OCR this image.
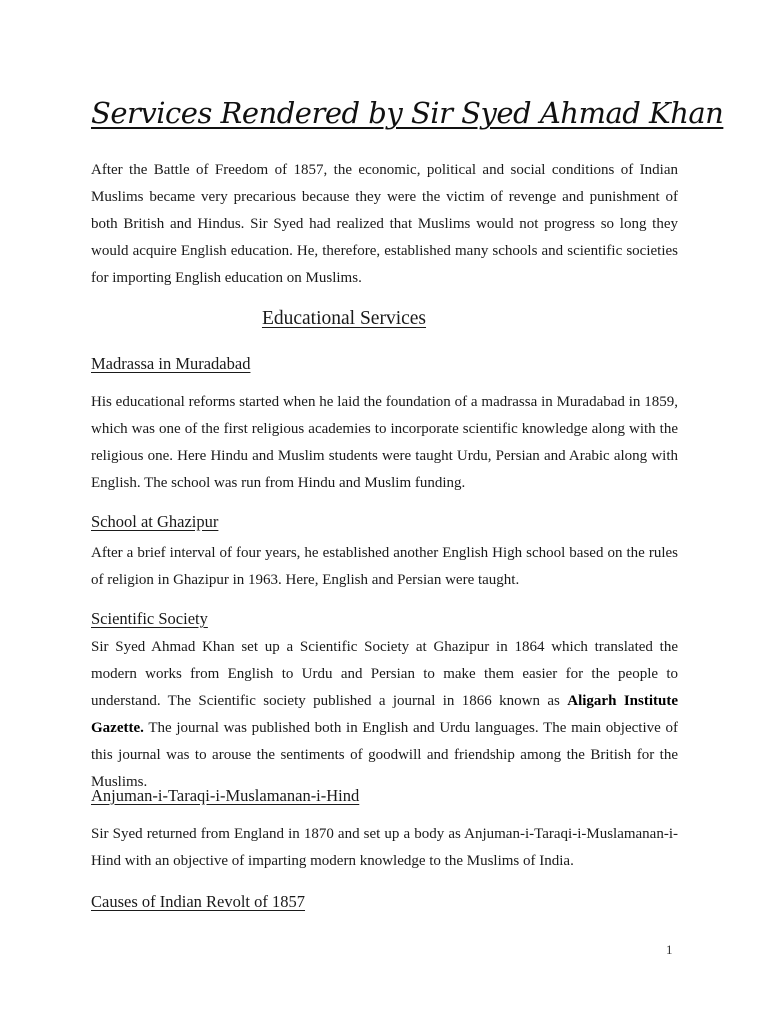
Services Rendered by Sir Syed Ahmad Khan

After the Battle of Freedom of 1857, the economic, political and social conditions of Indian Muslims became very precarious because they were the victim of revenge and punishment of both British and Hindus. Sir Syed had realized that Muslims would not progress so long they would acquire English education. He, therefore, established many schools and scientific societies for importing English education on Muslims.

Educational Services
Madrassa in Muradabad

His educational reforms started when he laid the foundation of a madrassa in Muradabad in 1859, which was one of the first religious academies to incorporate scientific knowledge along with the religious one. Here Hindu and Muslim students were taught Urdu, Persian and Arabic along with English. The school was run from Hindu and Muslim funding.

School at Ghazipur

After a brief interval of four years, he established another English High school based on the rules of religion in Ghazipur in 1963. Here, English and Persian were taught.

Scientific Society

Sir Syed Ahmad Khan set up a Scientific Society at Ghazipur in 1864 which translated the modern works from English to Urdu and Persian to make them easier for the people to understand. The Scientific society published a journal in 1866 known as Aligarh Institute Gazette. The journal was published both in English and Urdu languages. The main objective of this journal was to arouse the sentiments of goodwill and friendship among the British for the Muslims.

Anjuman-i-Taraqi-i-Muslamanan-i-Hind

Sir Syed returned from England in 1870 and set up a body as Anjuman-i-Taraqi-i-Muslamanan-i-Hind with an objective of imparting modern knowledge to the Muslims of India.

Causes of Indian Revolt of 1857
1
